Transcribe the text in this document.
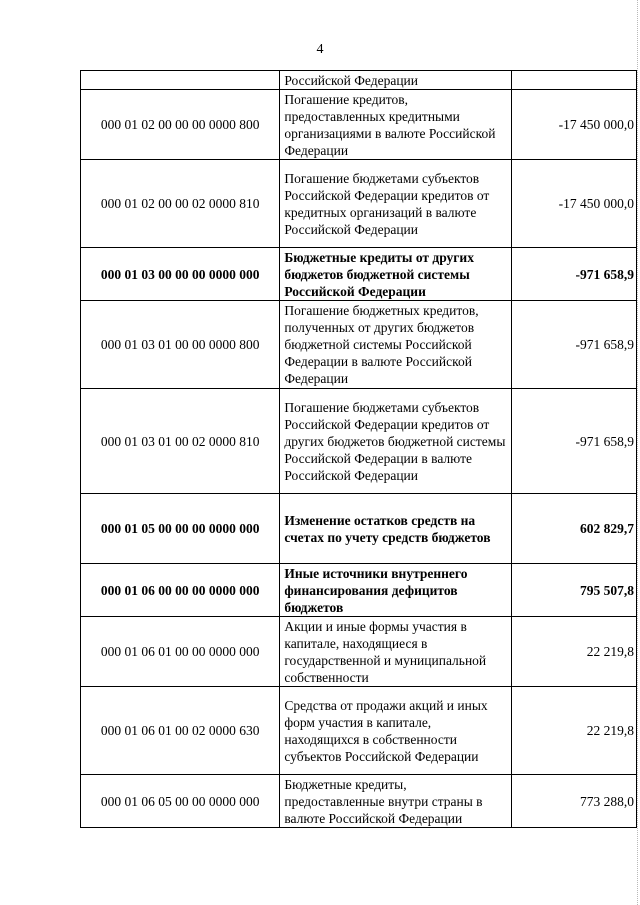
4
	Российской Федерации	
000 01 02 00 00 00 0000 800	Погашение кредитов, предоставленных кредитными организациями в валюте Российской Федерации	-17 450 000,0
000 01 02 00 00 02 0000 810	Погашение бюджетами субъектов Российской Федерации кредитов от кредитных организаций в валюте Российской Федерации	-17 450 000,0
000 01 03 00 00 00 0000 000	Бюджетные кредиты от других бюджетов бюджетной системы Российской Федерации	-971 658,9
000 01 03 01 00 00 0000 800	Погашение бюджетных кредитов, полученных от других бюджетов бюджетной системы Российской Федерации в валюте Российской Федерации	-971 658,9
000 01 03 01 00 02 0000 810	Погашение бюджетами субъектов Российской Федерации кредитов от других бюджетов бюджетной системы Российской Федерации в валюте Российской Федерации	-971 658,9
000 01 05 00 00 00 0000 000	Изменение остатков средств на счетах по учету средств бюджетов	602 829,7
000 01 06 00 00 00 0000 000	Иные источники внутреннего финансирования дефицитов бюджетов	795 507,8
000 01 06 01 00 00 0000 000	Акции и иные формы участия в капитале, находящиеся в государственной и муниципальной собственности	22 219,8
000 01 06 01 00 02 0000 630	Средства от продажи акций и иных форм участия в капитале, находящихся в собственности субъектов Российской Федерации	22 219,8
000 01 06 05 00 00 0000 000	Бюджетные кредиты, предоставленные внутри страны в валюте Российской Федерации	773 288,0
